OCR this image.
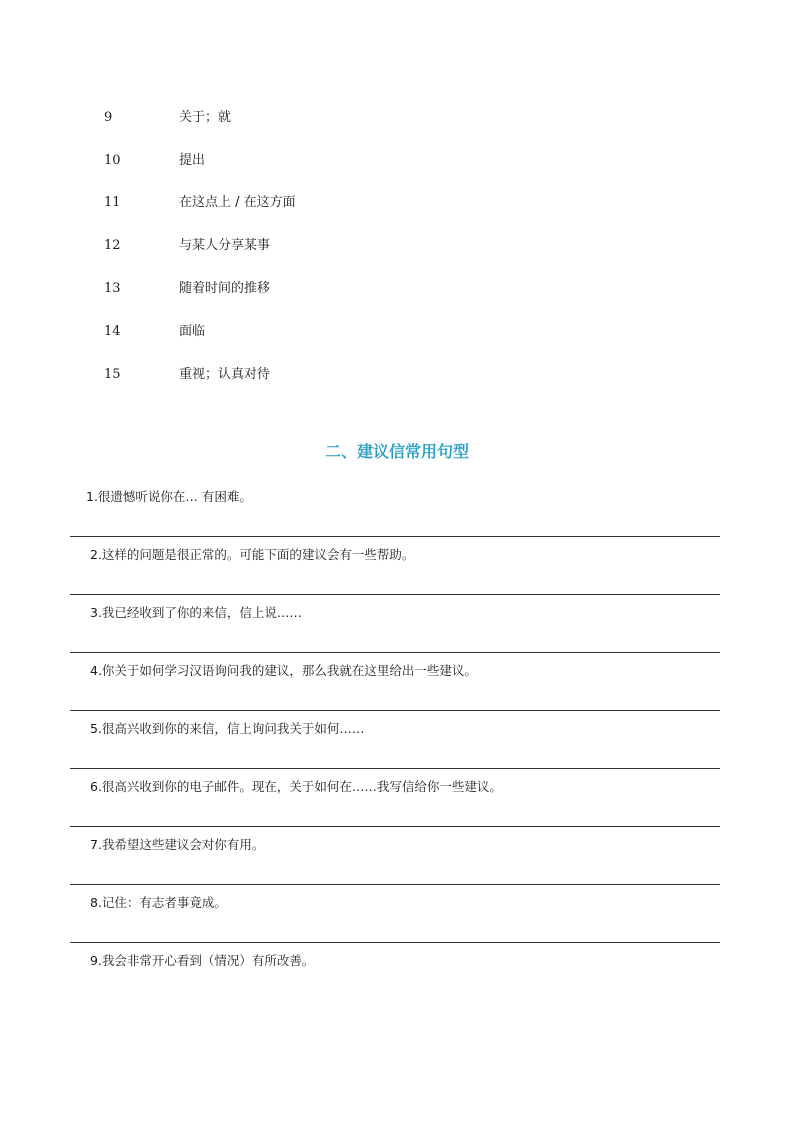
9	关于；就
10	提出
11	在这点上 / 在这方面
12	与某人分享某事
13	随着时间的推移
14	面临
15	重视；认真对待
二、建议信常用句型
1.很遗憾听说你在… 有困难。
2.这样的问题是很正常的。可能下面的建议会有一些帮助。
3.我已经收到了你的来信，信上说……
4.你关于如何学习汉语询问我的建议，那么我就在这里给出一些建议。
5.很高兴收到你的来信，信上询问我关于如何……
6.很高兴收到你的电子邮件。现在，关于如何在……我写信给你一些建议。
7.我希望这些建议会对你有用。
8.记住：有志者事竟成。
9.我会非常开心看到（情况）有所改善。
